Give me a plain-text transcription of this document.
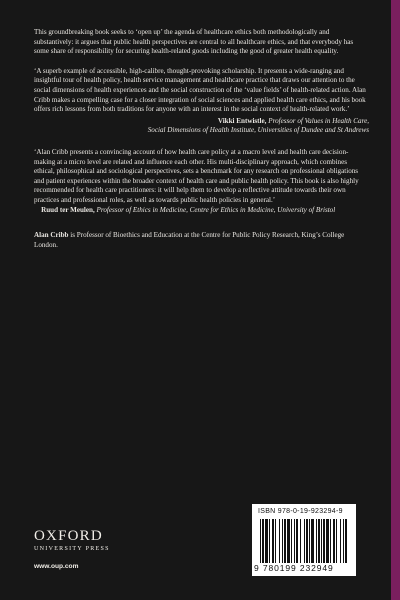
This groundbreaking book seeks to ‘open up’ the agenda of healthcare ethics both methodologically and substantively: it argues that public health perspectives are central to all healthcare ethics, and that everybody has some share of responsibility for securing health-related goods including the good of greater health equality.

‘A superb example of accessible, high-calibre, thought-provoking scholarship. It presents a wide-ranging and insightful tour of health policy, health service management and healthcare practice that draws our attention to the social dimensions of health experiences and the social construction of the ‘value fields’ of health-related action. Alan Cribb makes a compelling case for a closer integration of social sciences and applied health care ethics, and his book offers rich lessons from both traditions for anyone with an interest in the social context of health-related work.’

Vikki Entwistle, Professor of Values in Health Care,
Social Dimensions of Health Institute, Universities of Dundee and St Andrews

‘Alan Cribb presents a convincing account of how health care policy at a macro level and health care decision-making at a micro level are related and influence each other. His multi-disciplinary approach, which combines ethical, philosophical and sociological perspectives, sets a benchmark for any research on professional obligations and patient experiences within the broader context of health care and public health policy. This book is also highly recommended for health care practitioners: it will help them to develop a reflective attitude towards their own practices and professional roles, as well as towards public health policies in general.’

Ruud ter Meulen, Professor of Ethics in Medicine, Centre for Ethics in Medicine, University of Bristol

Alan Cribb is Professor of Bioethics and Education at the Centre for Public Policy Research, King’s College London.

OXFORD
UNIVERSITY PRESS
www.oup.com
ISBN 978-0-19-923294-9
9 780199 232949
